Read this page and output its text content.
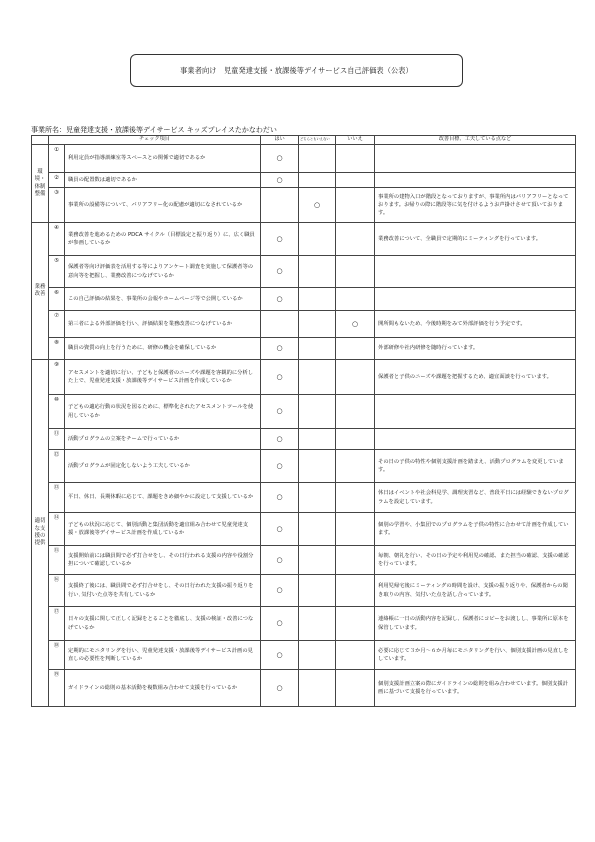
事業者向け　児童発達支援・放課後等デイサービス自己評価表（公表）
事業所名：児童発達支援・放課後等デイサービス キッズプレイスたかなわだい
	チェック項目		はい	どちらともいえない	いいえ	改善目標、工夫している点など
環境・体制整備	①	利用定員が指導訓練室等スペースとの関係で適切であるか	○			
	②	職員の配置数は適切であるか	○			
	③	事業所の設備等について、バリアフリー化の配慮が適切になされているか		○		事業所の建物入口が階段となっておりますが、事業所内はバリアフリーとなっております。お帰りの際に階段等に気を付けるようお声掛けさせて頂いております。
業務改善	④	業務改善を進めるための PDCA サイクル（目標設定と振り返り）に、広く職員が参画しているか	○			業務改善について、全職員で定期的にミーティングを行っています。
	⑤	保護者等向け評価表を活用する等によりアンケート調査を実施して保護者等の意向等を把握し、業務改善につなげているか	○			
	⑥	この自己評価の結果を、事業所の会報やホームページ等で公開しているか	○			
	⑦	第三者による外部評価を行い、評価結果を業務改善につなげているか			○	開所間もないため、今後時期をみて外部評価を行う予定です。
	⑧	職員の資質の向上を行うために、研修の機会を確保しているか	○			外部研修や社内研修を随時行っています。
適切な支援の提供	⑨	アセスメントを適切に行い、子どもと保護者のニーズや課題を客観的に分析した上で、児童発達支援・放課後等デイサービス計画を作成しているか	○			保護者と子供のニーズや課題を把握するため、適宜面談を行っています。
	⑩	子どもの適応行動の状況を図るために、標準化されたアセスメントツールを使用しているか	○			
	⑪	活動プログラムの立案をチームで行っているか	○			
	⑫	活動プログラムが固定化しないよう工夫しているか	○			その日の子供の特性や個別支援計画を踏まえ、活動プログラムを変更しています。
	⑬	平日、休日、長期休暇に応じて、課題をきめ細やかに設定して支援しているか	○			休日はイベントや社会科見学、調理実習など、普段平日には経験できないプログラムを設定しています。
	⑭	子どもの状況に応じて、個別活動と集団活動を適宜組み合わせて児童発達支援・放課後等デイサービス計画を作成しているか	○			個別の学習や、小集団でのプログラムを子供の特性に合わせて計画を作成しています。
	⑮	支援開始前には職員間で必ず打合せをし、その日行われる支援の内容や役割分担について確認しているか	○			毎朝、朝礼を行い、その日の予定や利用児の確認、また担当の確認、支援の確認を行っています。
	⑯	支援終了後には、職員間で必ず打合せをし、その日行われた支援の振り返りを行い､気付いた点等を共有しているか	○			利用児帰宅後にミーティングの時間を設け、支援の振り返りや、保護者からの聞き取りの内容、気付いた点を話し合っています。
	⑰	日々の支援に関して正しく記録をとることを徹底し、支援の検証・改善につなげているか	○			連絡帳に一日の活動内容を記録し、保護者にコピーをお渡しし、事業所に原本を保管しています。
	⑱	定期的にモニタリングを行い、児童発達支援・放課後等デイサービス計画の見直しの必要性を判断しているか	○			必要に応じて３か月～６か月毎にモニタリングを行い、個別支援計画の見直しをしています。
	⑲	ガイドラインの総則の基本活動を複数組み合わせて支援を行っているか	○			個別支援計画立案の際にガイドラインの総則を組み合わせています。個別支援計画に基づいて支援を行っています。
